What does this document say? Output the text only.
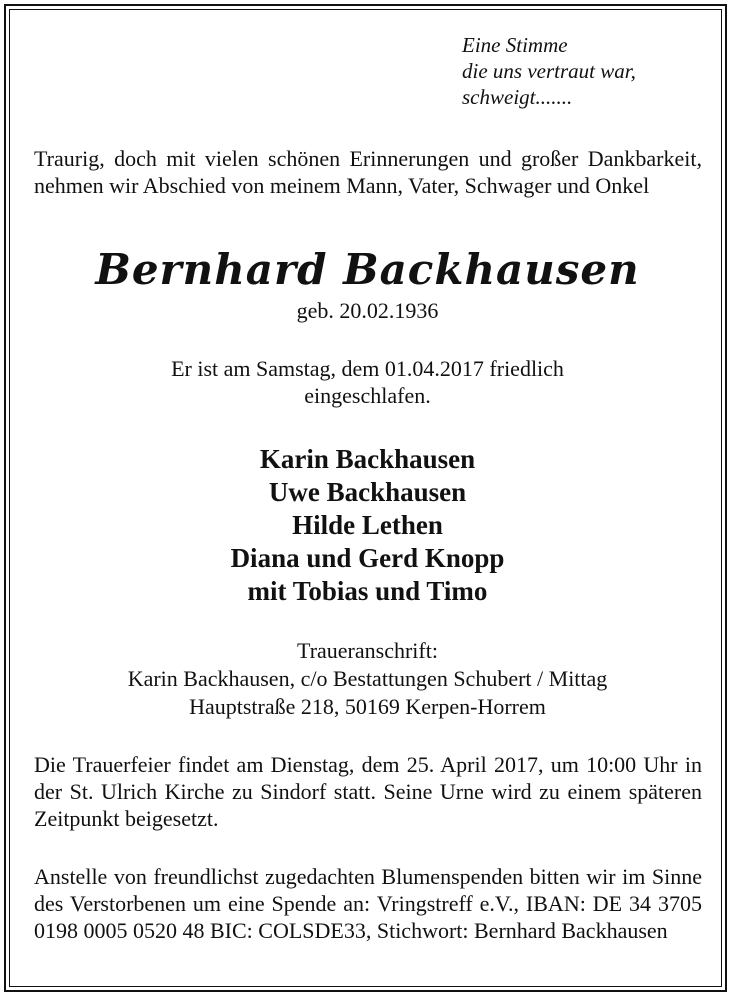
Eine Stimme
die uns vertraut war,
schweigt.......
Traurig, doch mit vielen schönen Erinnerungen und großer Dankbarkeit, nehmen wir Abschied von meinem Mann, Vater, Schwager und Onkel
Bernhard Backhausen
geb. 20.02.1936
Er ist am Samstag, dem 01.04.2017 friedlich
eingeschlafen.
Karin Backhausen
Uwe Backhausen
Hilde Lethen
Diana und Gerd Knopp
mit Tobias und Timo
Traueranschrift:
Karin Backhausen, c/o Bestattungen Schubert / Mittag
Hauptstraße 218, 50169 Kerpen-Horrem
Die Trauerfeier findet am Dienstag, dem 25. April 2017, um 10:00 Uhr in der St. Ulrich Kirche zu Sindorf statt. Seine Urne wird zu einem späteren Zeitpunkt beigesetzt.
Anstelle von freundlichst zugedachten Blumenspenden bitten wir im Sinne des Verstorbenen um eine Spende an: Vringstreff e.V., IBAN: DE 34 3705 0198 0005 0520 48 BIC: COLSDE33, Stichwort: Bernhard Backhausen
